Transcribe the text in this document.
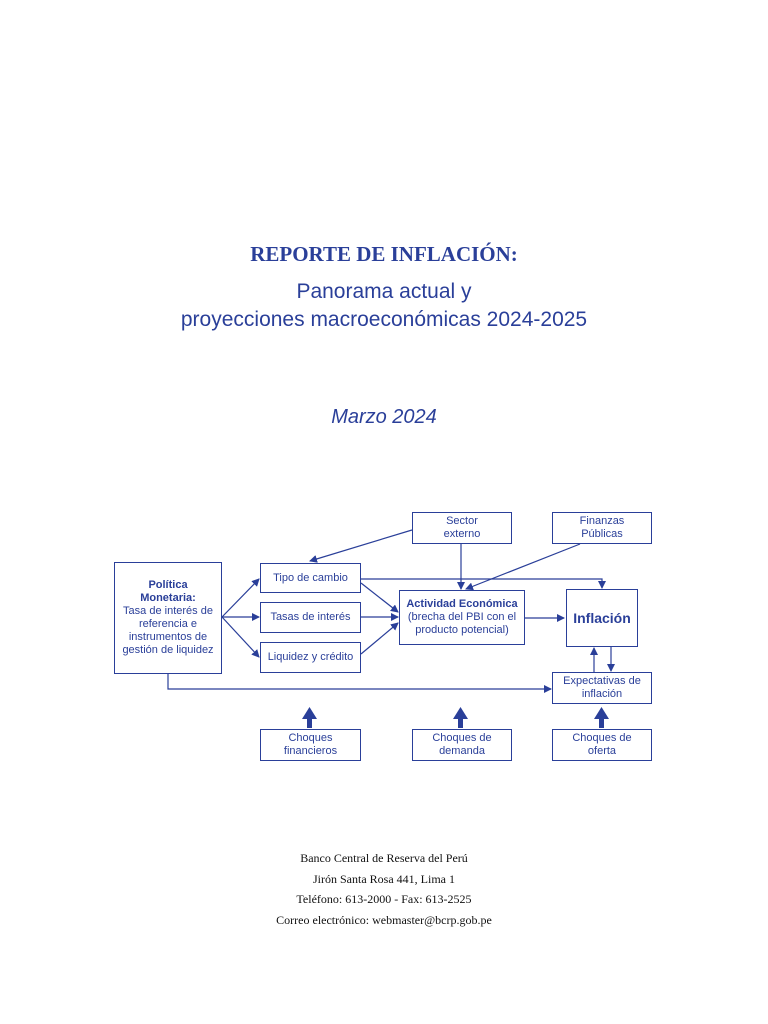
REPORTE DE INFLACIÓN:
Panorama actual y
proyecciones macroeconómicas 2024-2025
Marzo 2024
Sector
externo
Finanzas
Públicas
Política
Monetaria:
Tasa de interés de
referencia e
instrumentos de
gestión de liquidez
Tipo de cambio
Tasas de interés
Liquidez y crédito
Actividad Económica
(brecha del PBI con el
producto potencial)
Inflación
Expectativas de
inflación
Choques
financieros
Choques de
demanda
Choques de
oferta
Banco Central de Reserva del Perú
Jirón Santa Rosa 441, Lima 1
Teléfono: 613-2000 - Fax: 613-2525
Correo electrónico: webmaster@bcrp.gob.pe
